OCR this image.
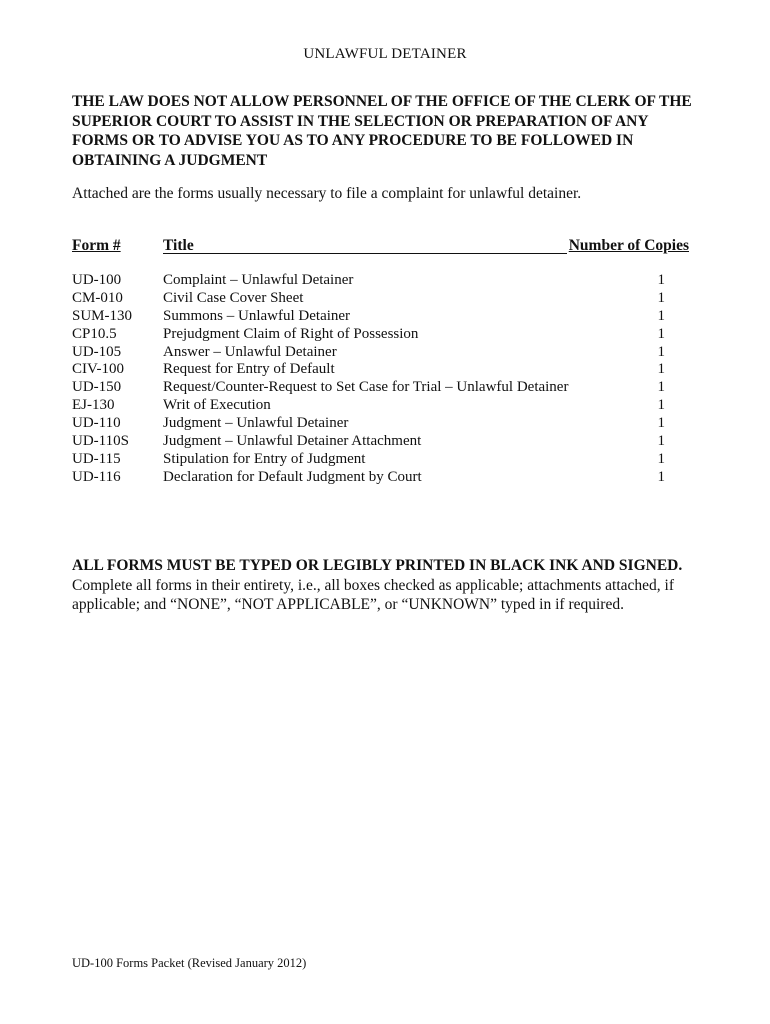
UNLAWFUL DETAINER
THE LAW DOES NOT ALLOW PERSONNEL OF THE OFFICE OF THE CLERK OF THE
SUPERIOR COURT TO ASSIST IN THE SELECTION OR PREPARATION OF ANY
FORMS OR TO ADVISE YOU AS TO ANY PROCEDURE TO BE FOLLOWED IN
OBTAINING A JUDGMENT
Attached are the forms usually necessary to file a complaint for unlawful detainer.
Form #	Title	Number of Copies
UD-100	Complaint – Unlawful Detainer	1
CM-010	Civil Case Cover Sheet	1
SUM-130 Summons – Unlawful Detainer	1
CP10.5	Prejudgment Claim of Right of Possession	1
UD-105	Answer – Unlawful Detainer	1
CIV-100	Request for Entry of Default	1
UD-150	Request/Counter-Request to Set Case for Trial – Unlawful Detainer	1
EJ-130	Writ of Execution	1
UD-110	Judgment – Unlawful Detainer	1
UD-110S Judgment – Unlawful Detainer Attachment	1
UD-115	Stipulation for Entry of Judgment	1
UD-116	Declaration for Default Judgment by Court	1
ALL FORMS MUST BE TYPED OR LEGIBLY PRINTED IN BLACK INK AND SIGNED.
Complete all forms in their entirety, i.e., all boxes checked as applicable; attachments attached, if
applicable; and “NONE”, “NOT APPLICABLE”, or “UNKNOWN” typed in if required.
UD-100 Forms Packet (Revised January 2012)
